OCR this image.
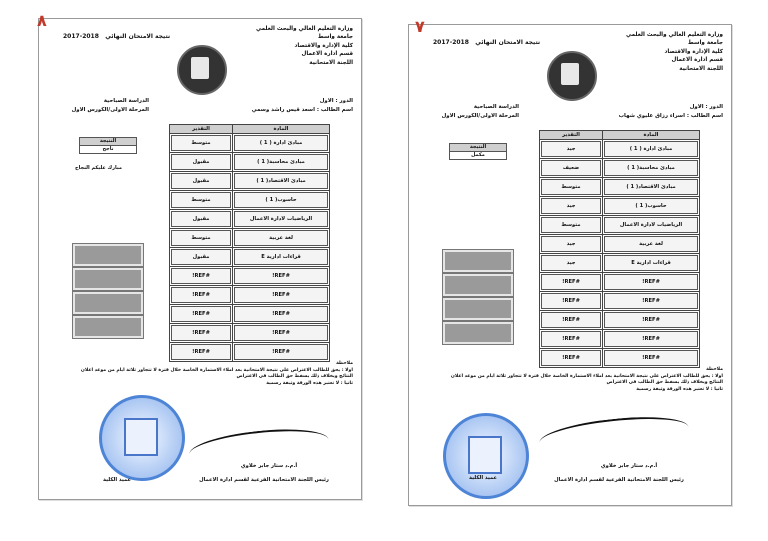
٨	وزارة التعليم العالي والبحث العلمي
جامعة واسط
كلية الإدارة والاقتصاد
قسم ادارة الاعمال
اللجنة الامتحانية
نتيجة الامتحان النهائي   2018-2017
الدور : الاول
اسم الطالب : اسعد قيس راشد وسمي
الدراسة الصباحية
المرحلة الاولى/الكورس الاول
المادة	التقدير

مبادئ ادارة ( 1 )	متوسط

مبادئ محاسبة( 1 )	مقبول

مبادئ الاقتصاد( 1 )	مقبول

حاسوب( 1 )	متوسط

الرياضيات لادارة الاعمال	مقبول

لغة عربية	متوسط

قراءات ادارية E	مقبول

#REF!	#REF!

#REF!	#REF!

#REF!	#REF!

#REF!	#REF!

#REF!	#REF!
النتيجة
ناجح
مبارك عليكم النجاح
ملاحظة
اولا : يحق للطالب الاعتراض على نتيجة الامتحانية بعد املاء الاستمارة الخاصة خلال فترة لا تتجاوز ثلاثة ايام من موعد اعلان النتائج وبخلاف ذلك يسقط حق الطالب في الاعتراض
ثانيا : لا تعتبر هذه الورقة وثيقة رسمية
أ.م.د ستار جابر خلاوي
رئيس اللجنة الامتحانية الفرعية لقسم ادارة الاعمال
عميد الكلية
٧	وزارة التعليم العالي والبحث العلمي
جامعة واسط
كلية الإدارة والاقتصاد
قسم ادارة الاعمال
اللجنة الامتحانية
نتيجة الامتحان النهائي   2018-2017
الدور : الاول
اسم الطالب : اسراء رزاق عليوي شهاب
الدراسة الصباحية
المرحلة الاولى/الكورس الاول
المادة	التقدير

مبادئ ادارة ( 1 )	جيد

مبادئ محاسبة( 1 )	ضعيف

مبادئ الاقتصاد( 1 )	متوسط

حاسوب( 1 )	جيد

الرياضيات لادارة الاعمال	متوسط

لغة عربية	جيد

قراءات ادارية E	جيد

#REF!	#REF!

#REF!	#REF!

#REF!	#REF!

#REF!	#REF!

#REF!	#REF!
النتيجة
مكمل
ملاحظة
اولا : يحق للطالب الاعتراض على نتيجة الامتحانية بعد املاء الاستمارة الخاصة خلال فترة لا تتجاوز ثلاثة ايام من موعد اعلان النتائج وبخلاف ذلك يسقط حق الطالب في الاعتراض
ثانيا : لا تعتبر هذه الورقة وثيقة رسمية
أ.م.د ستار جابر خلاوي
رئيس اللجنة الامتحانية الفرعية لقسم ادارة الاعمال
عميد الكلية
